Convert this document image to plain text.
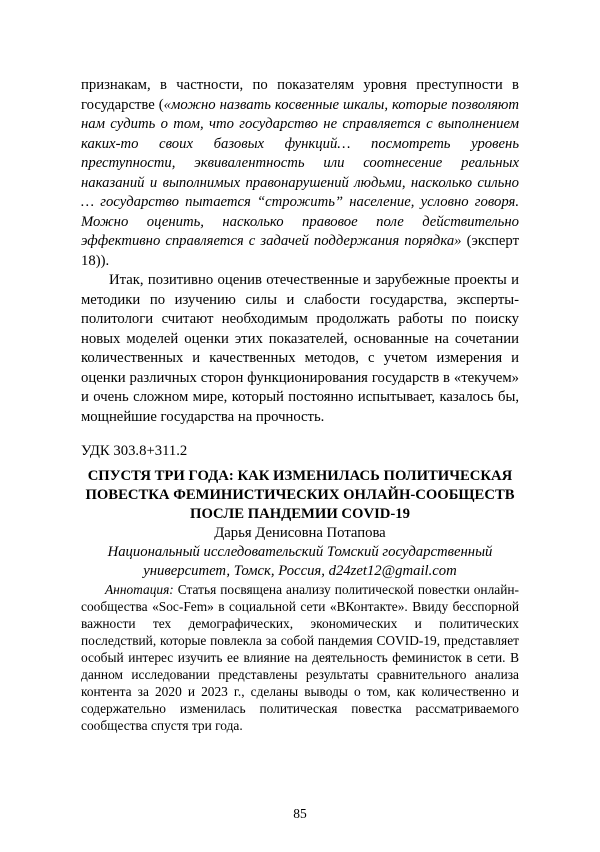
признакам, в частности, по показателям уровня преступности в государстве («можно назвать косвенные шкалы, которые позволяют нам судить о том, что государство не справляется с выполнением каких-то своих базовых функций… посмотреть уровень преступности, эквивалентность или соотнесение реальных наказаний и выполнимых правонарушений людьми, насколько сильно … государство пытается “строжить” население, условно говоря. Можно оценить, насколько правовое поле действительно эффективно справляется с задачей поддержания порядка» (эксперт 18)).

Итак, позитивно оценив отечественные и зарубежные проекты и методики по изучению силы и слабости государства, эксперты-политологи считают необходимым продолжать работы по поиску новых моделей оценки этих показателей, основанные на сочетании количественных и качественных методов, с учетом измерения и оценки различных сторон функционирования государств в «текучем» и очень сложном мире, который постоянно испытывает, казалось бы, мощнейшие государства на прочность.

УДК 303.8+311.2
СПУСТЯ ТРИ ГОДА: КАК ИЗМЕНИЛАСЬ ПОЛИТИЧЕСКАЯ ПОВЕСТКА ФЕМИНИСТИЧЕСКИХ ОНЛАЙН-СООБЩЕСТВ ПОСЛЕ ПАНДЕМИИ COVID-19
Дарья Денисовна Потапова
Национальный исследовательский Томский государственный университет, Томск, Россия, d24zet12@gmail.com

Аннотация: Статья посвящена анализу политической повестки онлайн-сообщества «Soc-Fem» в социальной сети «ВКонтакте». Ввиду бесспорной важности тех демографических, экономических и политических последствий, которые повлекла за собой пандемия COVID-19, представляет особый интерес изучить ее влияние на деятельность феминисток в сети. В данном исследовании представлены результаты сравнительного анализа контента за 2020 и 2023 г., сделаны выводы о том, как количественно и содержательно изменилась политическая повестка рассматриваемого сообщества спустя три года.

85
